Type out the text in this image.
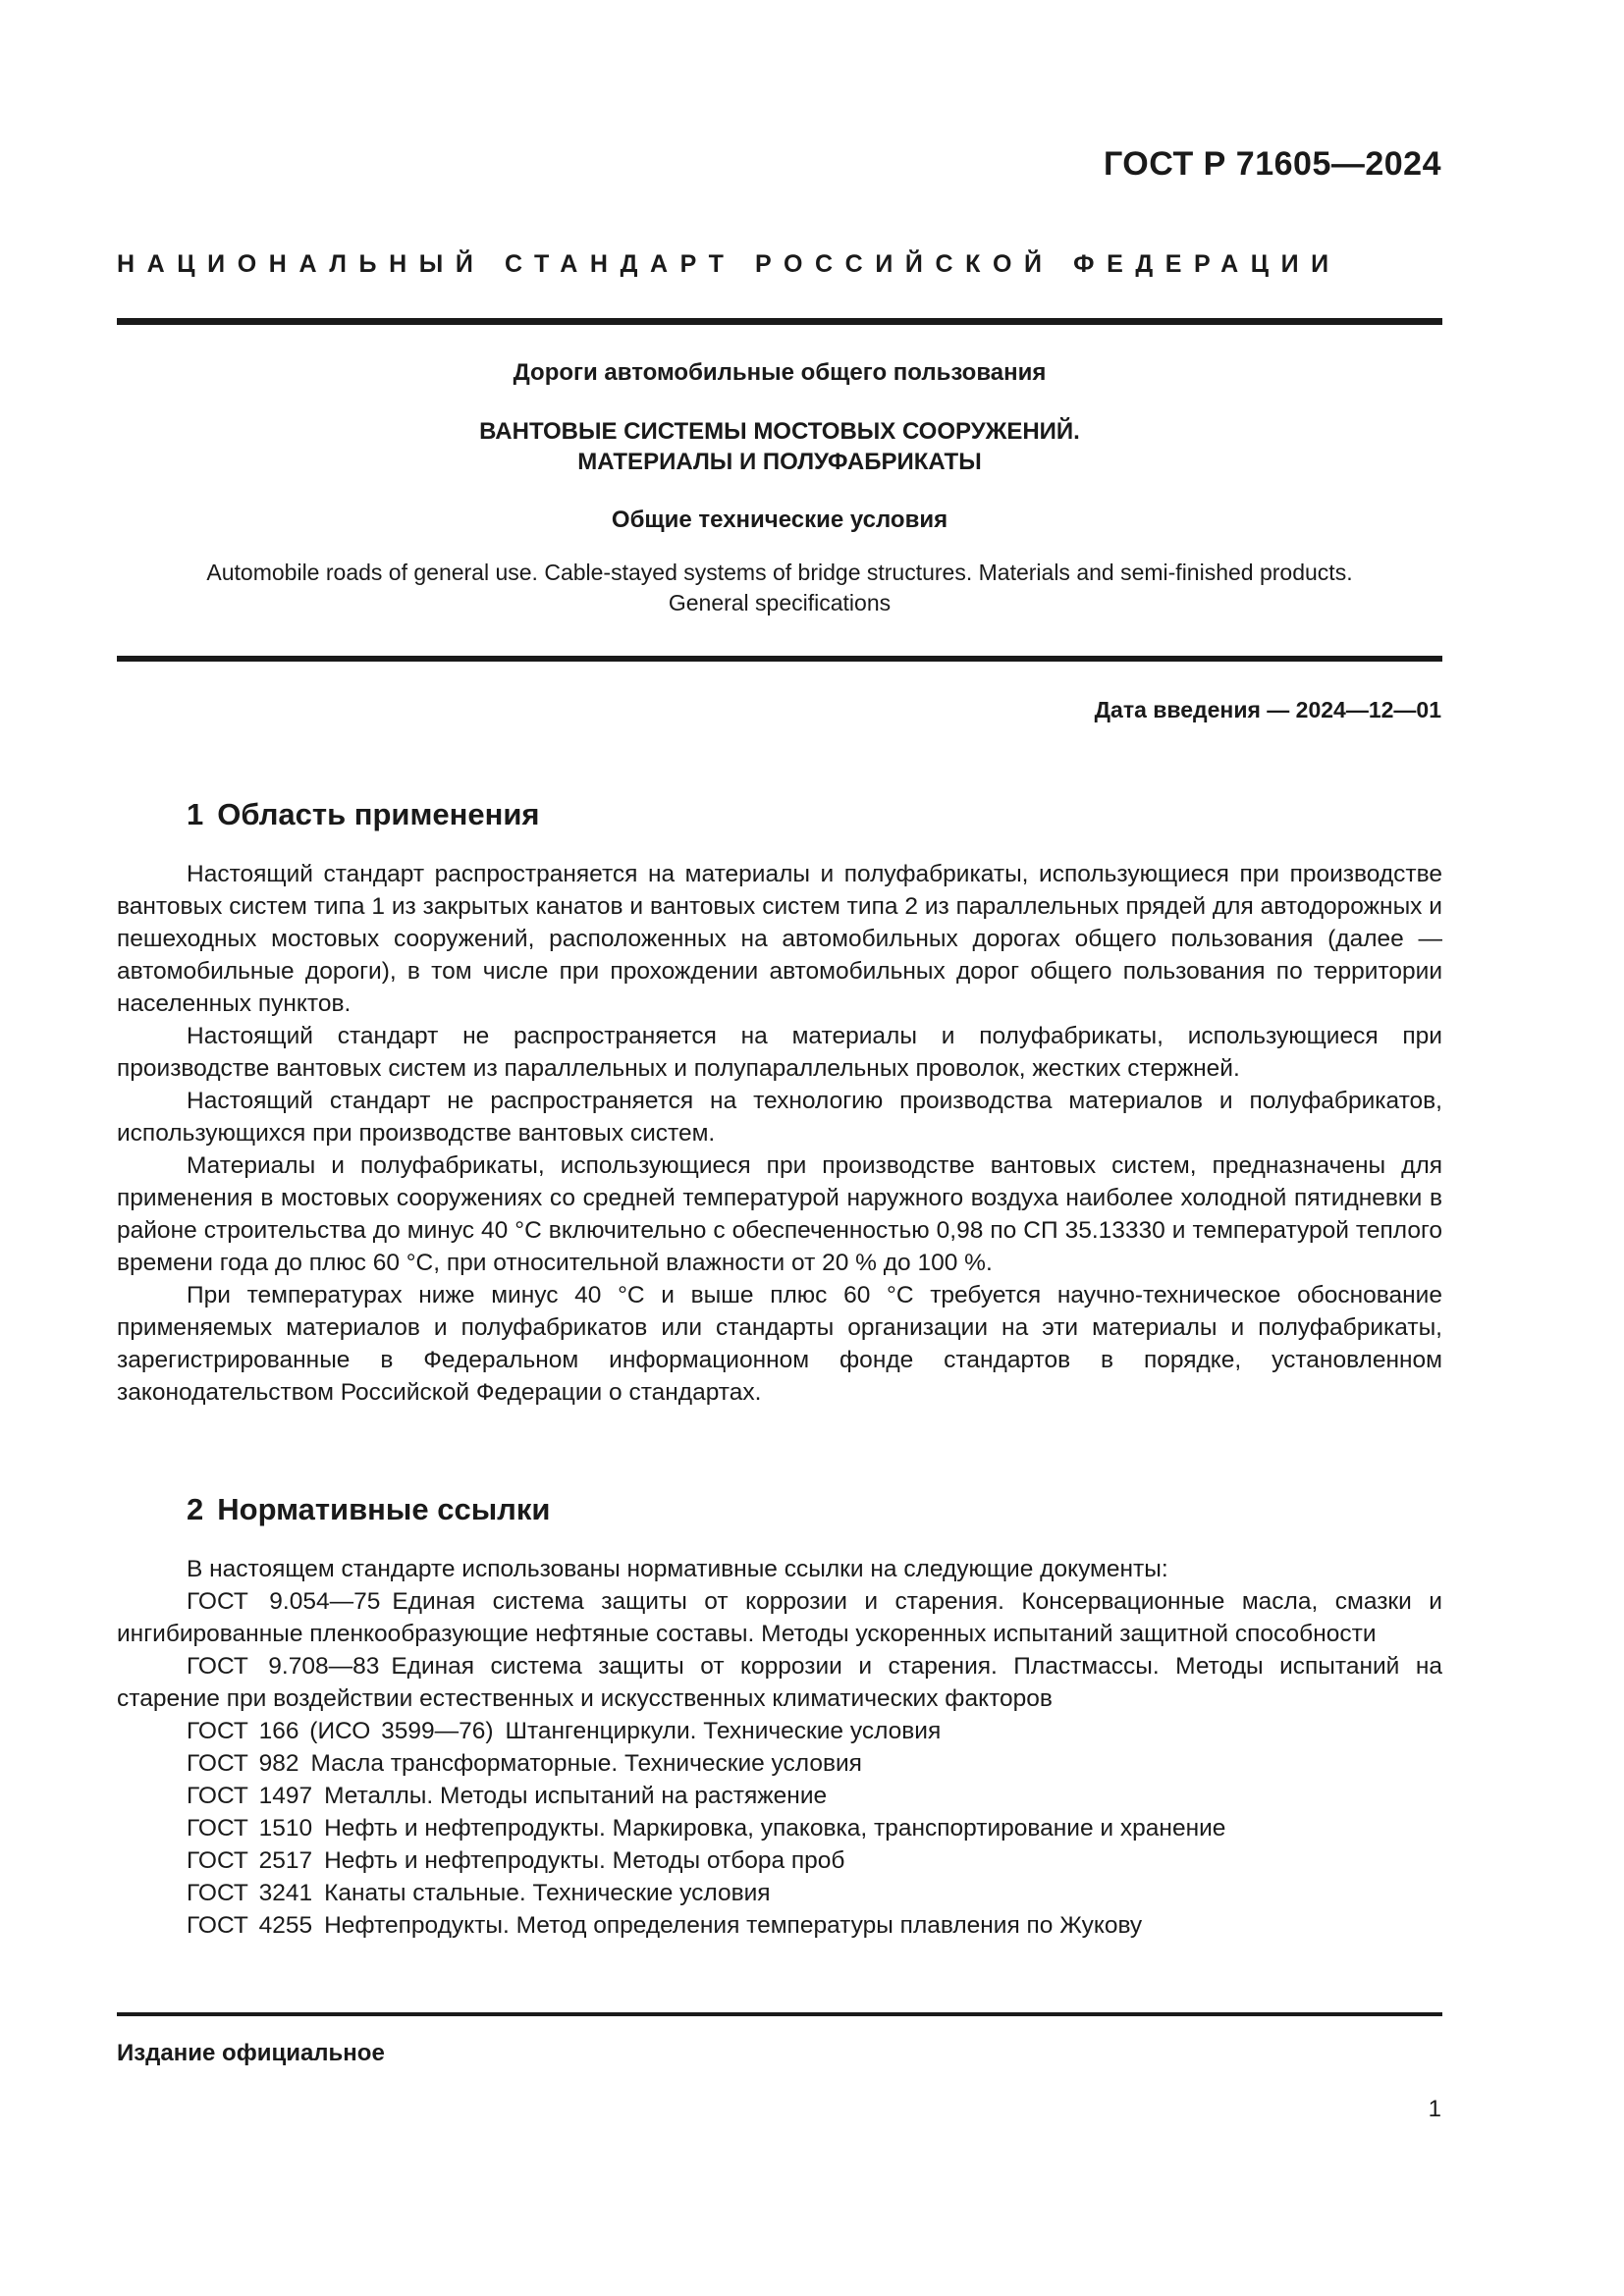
ГОСТ Р 71605—2024
НАЦИОНАЛЬНЫЙ СТАНДАРТ РОССИЙСКОЙ ФЕДЕРАЦИИ
Дороги автомобильные общего пользования
ВАНТОВЫЕ СИСТЕМЫ МОСТОВЫХ СООРУЖЕНИЙ.
МАТЕРИАЛЫ И ПОЛУФАБРИКАТЫ
Общие технические условия
Automobile roads of general use. Cable-stayed systems of bridge structures. Materials and semi-finished products.
General specifications
Дата введения — 2024—12—01
1 Область применения

Настоящий стандарт распространяется на материалы и полуфабрикаты, использующиеся при производстве вантовых систем типа 1 из закрытых канатов и вантовых систем типа 2 из параллельных прядей для автодорожных и пешеходных мостовых сооружений, расположенных на автомобильных дорогах общего пользования (далее — автомобильные дороги), в том числе при прохождении автомобильных дорог общего пользования по территории населенных пунктов.

Настоящий стандарт не распространяется на материалы и полуфабрикаты, использующиеся при производстве вантовых систем из параллельных и полупараллельных проволок, жестких стержней.

Настоящий стандарт не распространяется на технологию производства материалов и полуфабрикатов, использующихся при производстве вантовых систем.

Материалы и полуфабрикаты, использующиеся при производстве вантовых систем, предназначены для применения в мостовых сооружениях со средней температурой наружного воздуха наиболее холодной пятидневки в районе строительства до минус 40 °С включительно с обеспеченностью 0,98 по СП 35.13330 и температурой теплого времени года до плюс 60 °С, при относительной влажности от 20 % до 100 %.

При температурах ниже минус 40 °С и выше плюс 60 °С требуется научно-техническое обоснование применяемых материалов и полуфабрикатов или стандарты организации на эти материалы и полуфабрикаты, зарегистрированные в Федеральном информационном фонде стандартов в порядке, установленном законодательством Российской Федерации о стандартах.

2 Нормативные ссылки

В настоящем стандарте использованы нормативные ссылки на следующие документы:

ГОСТ 9.054—75 Единая система защиты от коррозии и старения. Консервационные масла, смазки и ингибированные пленкообразующие нефтяные составы. Методы ускоренных испытаний защитной способности

ГОСТ 9.708—83 Единая система защиты от коррозии и старения. Пластмассы. Методы испытаний на старение при воздействии естественных и искусственных климатических факторов

ГОСТ 166 (ИСО 3599—76) Штангенциркули. Технические условия

ГОСТ 982 Масла трансформаторные. Технические условия

ГОСТ 1497 Металлы. Методы испытаний на растяжение

ГОСТ 1510 Нефть и нефтепродукты. Маркировка, упаковка, транспортирование и хранение

ГОСТ 2517 Нефть и нефтепродукты. Методы отбора проб

ГОСТ 3241 Канаты стальные. Технические условия

ГОСТ 4255 Нефтепродукты. Метод определения температуры плавления по Жукову

Издание официальное
1
